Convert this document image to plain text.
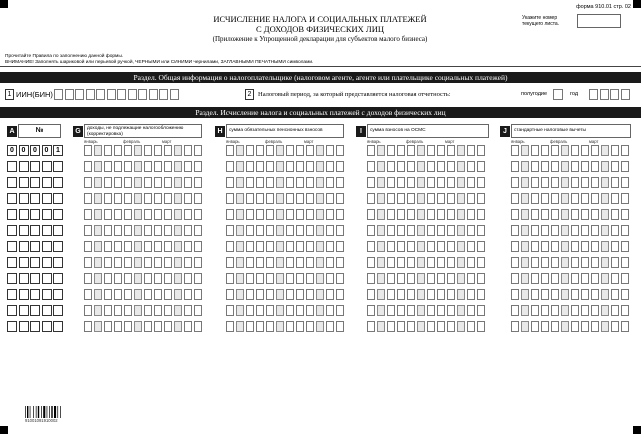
форма 910.01 стр. 02
Укажите номер текущего листа.
ИСЧИСЛЕНИЕ НАЛОГА И СОЦИАЛЬНЫХ ПЛАТЕЖЕЙ
С ДОХОДОВ ФИЗИЧЕСКИХ ЛИЦ
(Приложение к Упрощенной декларации для субъектов малого бизнеса)
Прочитайте Правила по заполнению данной формы.
ВНИМАНИЕ! Заполнять шариковой или перьевой ручкой, ЧЕРНЫМИ или СИНИМИ чернилами, ЗАГЛАВНЫМИ ПЕЧАТНЫМИ символами.
Раздел. Общая информация о налогоплательщике (налоговом агенте, агенте или плательщике социальных платежей)
1 ИИН(БИН)	2	Налоговый период, за который представляется налоговая отчетность:	полугодие	год
Раздел. Исчисление налога и социальных платежей с доходов физических лиц
A	№	G	доходы, не подлежащие налогообложению (корректировка)	H	сумма обязательных пенсионных взносов	I	сумма взносов на ОСМС	J	стандартные налоговые вычеты
91001091910002
январь	февраль	март	январь	февраль	март	январь	февраль	март	январь	февраль	март
0	0	0	0	1
